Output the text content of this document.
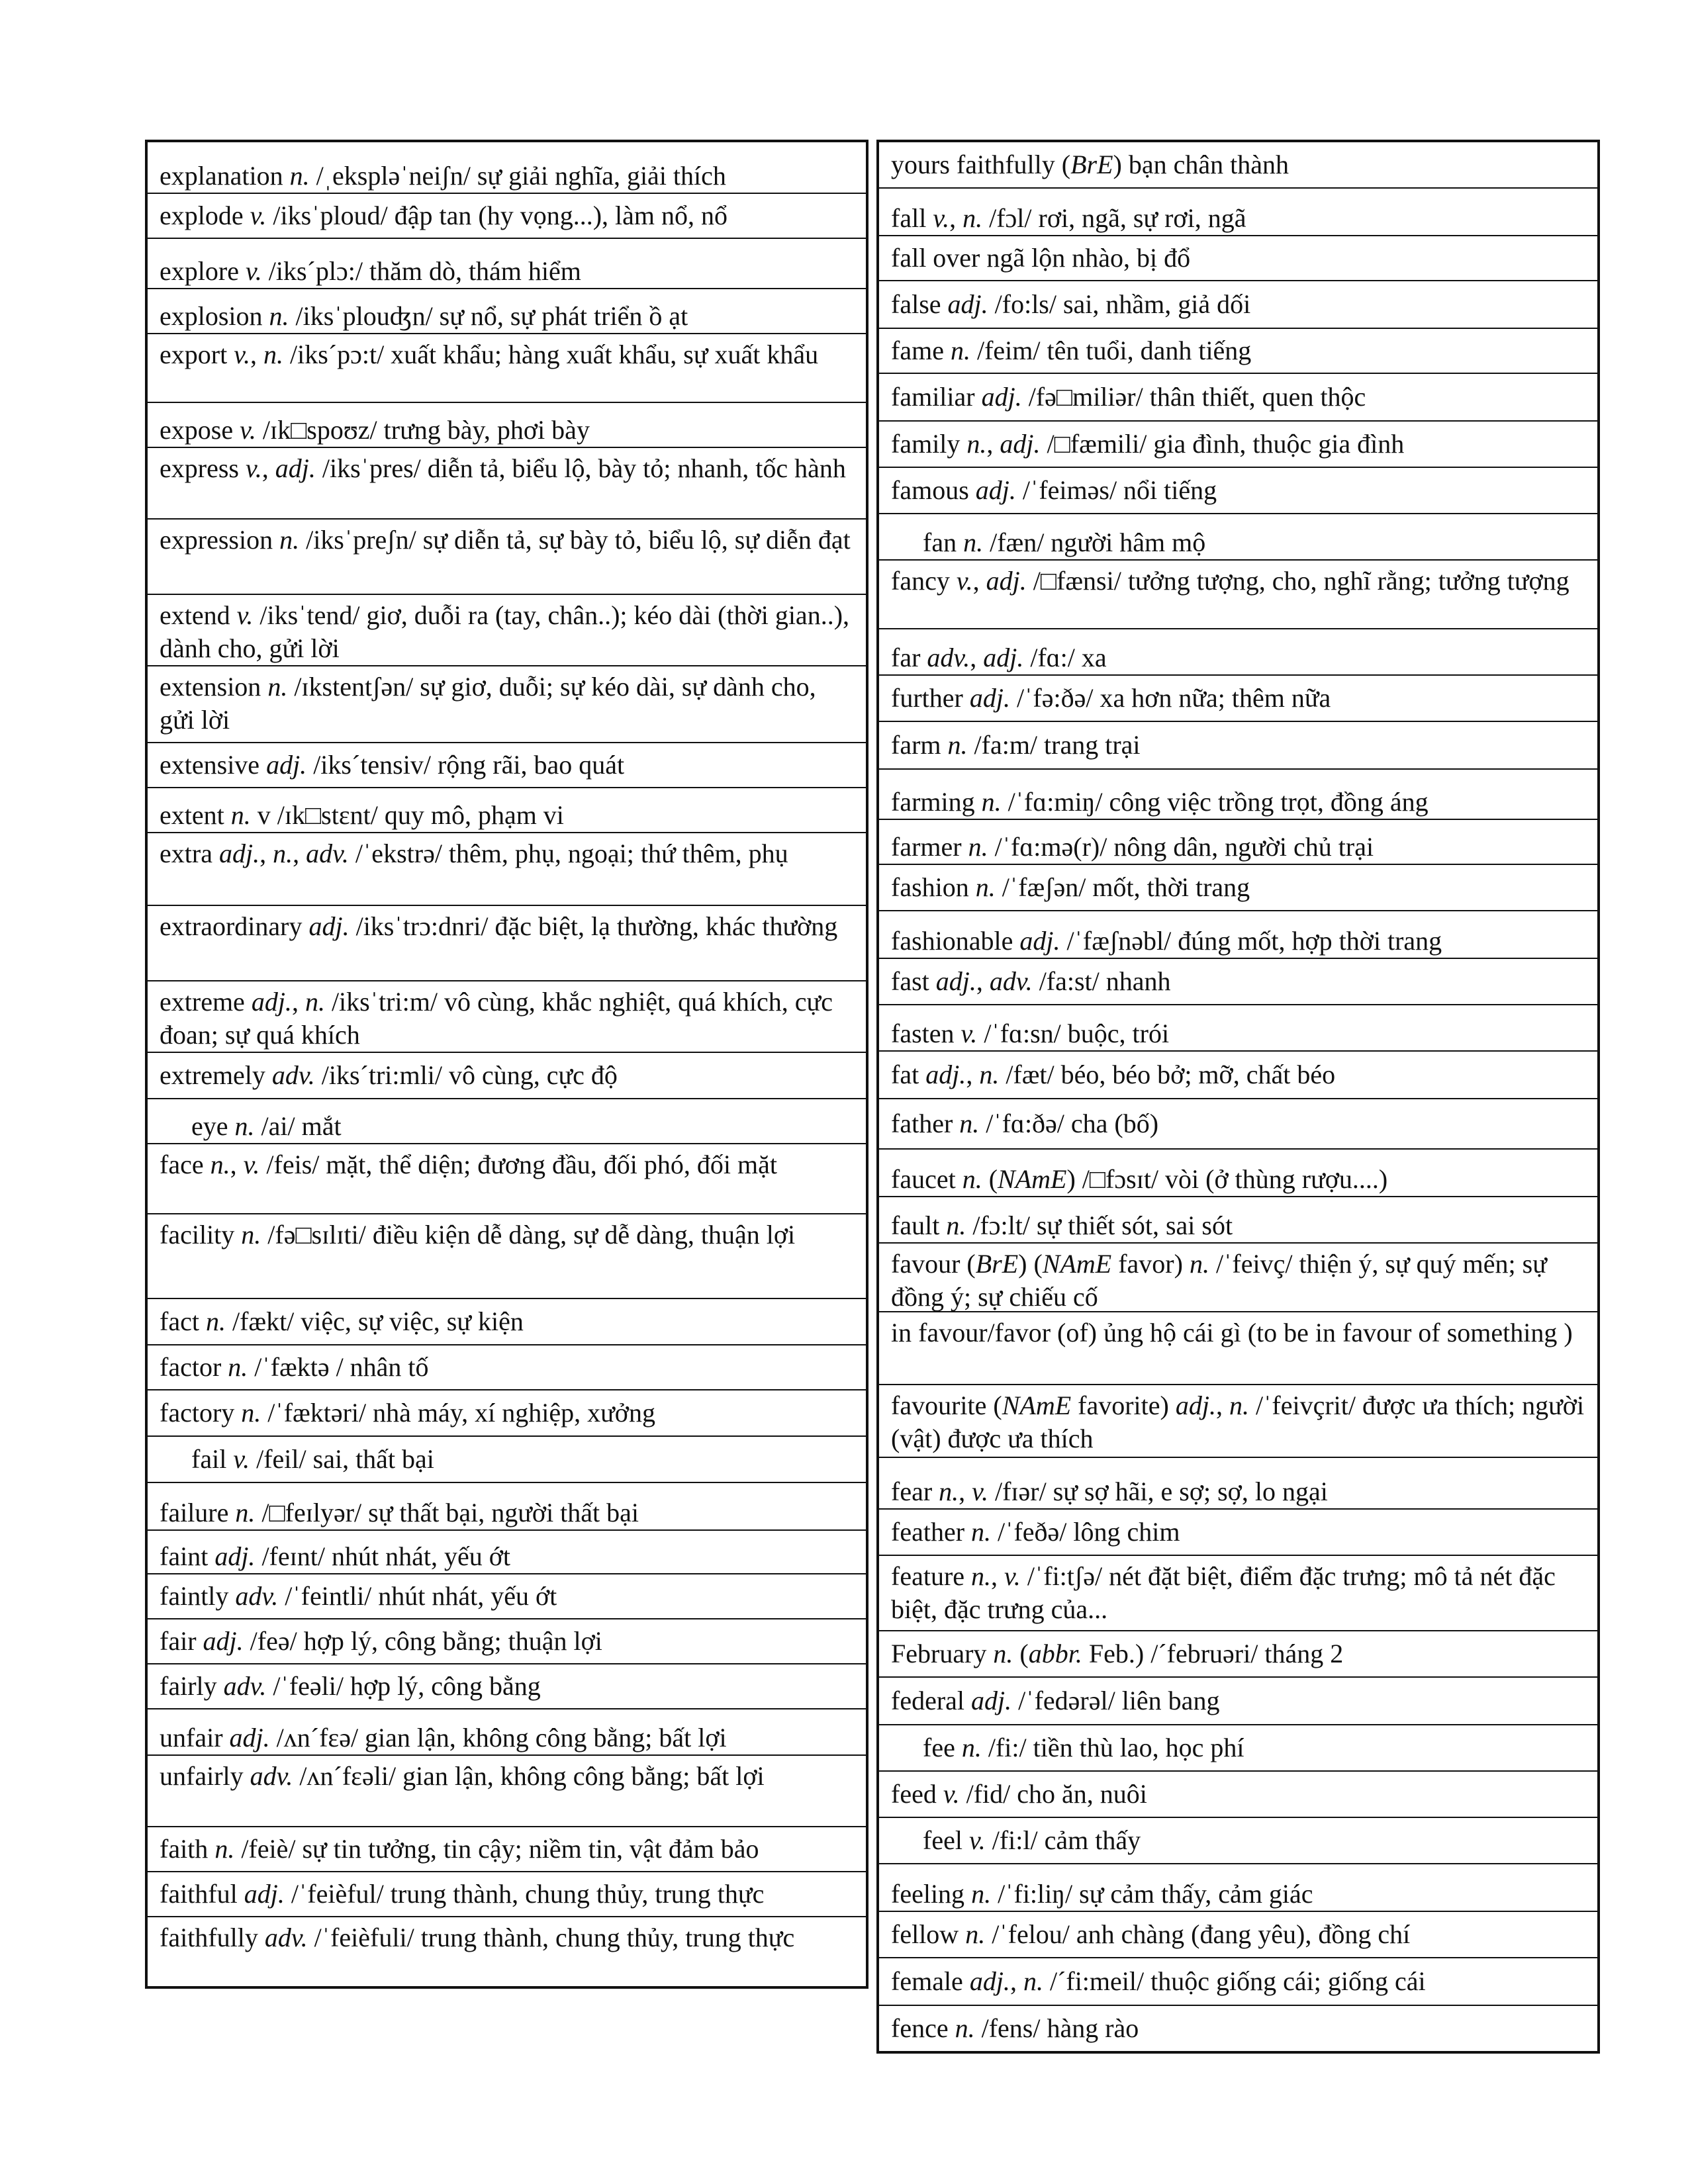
explanation n. /ˌekspləˈneiʃn/ sự giải nghĩa, giải thích
explode v. /iksˈploud/ đập tan (hy vọng...), làm nổ, nổ
explore v. /iks´plɔ:/ thăm dò, thám hiểm
explosion n. /iksˈplouʤn/ sự nổ, sự phát triển ồ ạt
export v., n. /iks´pɔ:t/ xuất khẩu; hàng xuất khẩu, sự xuất khẩu
expose v. /ɪk□spoʊz/ trưng bày, phơi bày
express v., adj. /iksˈpres/ diễn tả, biểu lộ, bày tỏ; nhanh, tốc hành
expression n. /iksˈpreʃn/ sự diễn tả, sự bày tỏ, biểu lộ, sự diễn đạt
extend v. /iksˈtend/ giơ, duỗi ra (tay, chân..); kéo dài (thời gian..), dành cho, gửi lời
extension n. /ɪkstentʃən/ sự giơ, duỗi; sự kéo dài, sự dành cho, gửi lời
extensive adj. /iks´tensiv/ rộng rãi, bao quát
extent n. v /ɪk□stɛnt/ quy mô, phạm vi
extra adj., n., adv. /ˈekstrə/ thêm, phụ, ngoại; thứ thêm, phụ
extraordinary adj. /iksˈtrɔ:dnri/ đặc biệt, lạ thường, khác thường
extreme adj., n. /iksˈtri:m/ vô cùng, khắc nghiệt, quá khích, cực đoan; sự quá khích
extremely adv. /iks´tri:mli/ vô cùng, cực độ
eye n. /ai/ mắt
face n., v. /feis/ mặt, thể diện; đương đầu, đối phó, đối mặt
facility n. /fə□sɪlɪti/ điều kiện dễ dàng, sự dễ dàng, thuận lợi
fact n. /fækt/ việc, sự việc, sự kiện
factor n. /ˈfæktə / nhân tố
factory n. /ˈfæktəri/ nhà máy, xí nghiệp, xưởng
fail v. /feil/ sai, thất bại
failure n. /□feɪlyər/ sự thất bại, người thất bại
faint adj. /feɪnt/ nhút nhát, yếu ớt
faintly adv. /ˈfeintli/ nhút nhát, yếu ớt
fair adj. /feə/ hợp lý, công bằng; thuận lợi
fairly adv. /ˈfeəli/ hợp lý, công bằng
unfair adj. /ʌn´fɛə/ gian lận, không công bằng; bất lợi
unfairly adv. /ʌn´fɛəli/ gian lận, không công bằng; bất lợi
faith n. /feiè/ sự tin tưởng, tin cậy; niềm tin, vật đảm bảo
faithful adj. /ˈfeièful/ trung thành, chung thủy, trung thực
faithfully adv. /ˈfeièfuli/ trung thành, chung thủy, trung thực
yours faithfully (BrE) bạn chân thành
fall v., n. /fɔl/ rơi, ngã, sự rơi, ngã
fall over ngã lộn nhào, bị đổ
false adj. /fo:ls/ sai, nhầm, giả dối
fame n. /feim/ tên tuổi, danh tiếng
familiar adj. /fə□miliər/ thân thiết, quen thộc
family n., adj. /□fæmili/ gia đình, thuộc gia đình
famous adj. /ˈfeiməs/ nổi tiếng
fan n. /fæn/ người hâm mộ
fancy v., adj. /□fænsi/ tưởng tượng, cho, nghĩ rằng; tưởng tượng
far adv., adj. /fɑ:/ xa
further adj. /ˈfə:ðə/ xa hơn nữa; thêm nữa
farm n. /fa:m/ trang trại
farming n. /ˈfɑ:miŋ/ công việc trồng trọt, đồng áng
farmer n. /ˈfɑ:mə(r)/ nông dân, người chủ trại
fashion n. /ˈfæʃən/ mốt, thời trang
fashionable adj. /ˈfæʃnəbl/ đúng mốt, hợp thời trang
fast adj., adv. /fa:st/ nhanh
fasten v. /ˈfɑ:sn/ buộc, trói
fat adj., n. /fæt/ béo, béo bở; mỡ, chất béo
father n. /ˈfɑ:ðə/ cha (bố)
faucet n. (NAmE) /□fɔsɪt/ vòi (ở thùng rượu....)
fault n. /fɔ:lt/ sự thiết sót, sai sót
favour (BrE) (NAmE favor) n. /ˈfeivç/ thiện ý, sự quý mến; sự đồng ý; sự chiếu cố
in favour/favor (of) ủng hộ cái gì (to be in favour of something )
favourite (NAmE favorite) adj., n. /ˈfeivçrit/ được ưa thích; người (vật) được ưa thích
fear n., v. /fɪər/ sự sợ hãi, e sợ; sợ, lo ngại
feather n. /ˈfeðə/ lông chim
feature n., v. /ˈfi:tʃə/ nét đặt biệt, điểm đặc trưng; mô tả nét đặc biệt, đặc trưng của...
February n. (abbr. Feb.) /´februəri/ tháng 2
federal adj. /ˈfedərəl/ liên bang
fee n. /fi:/ tiền thù lao, học phí
feed v. /fid/ cho ăn, nuôi
feel v. /fi:l/ cảm thấy
feeling n. /ˈfi:liŋ/ sự cảm thấy, cảm giác
fellow n. /ˈfelou/ anh chàng (đang yêu), đồng chí
female adj., n. /´fi:meil/ thuộc giống cái; giống cái
fence n. /fens/ hàng rào
